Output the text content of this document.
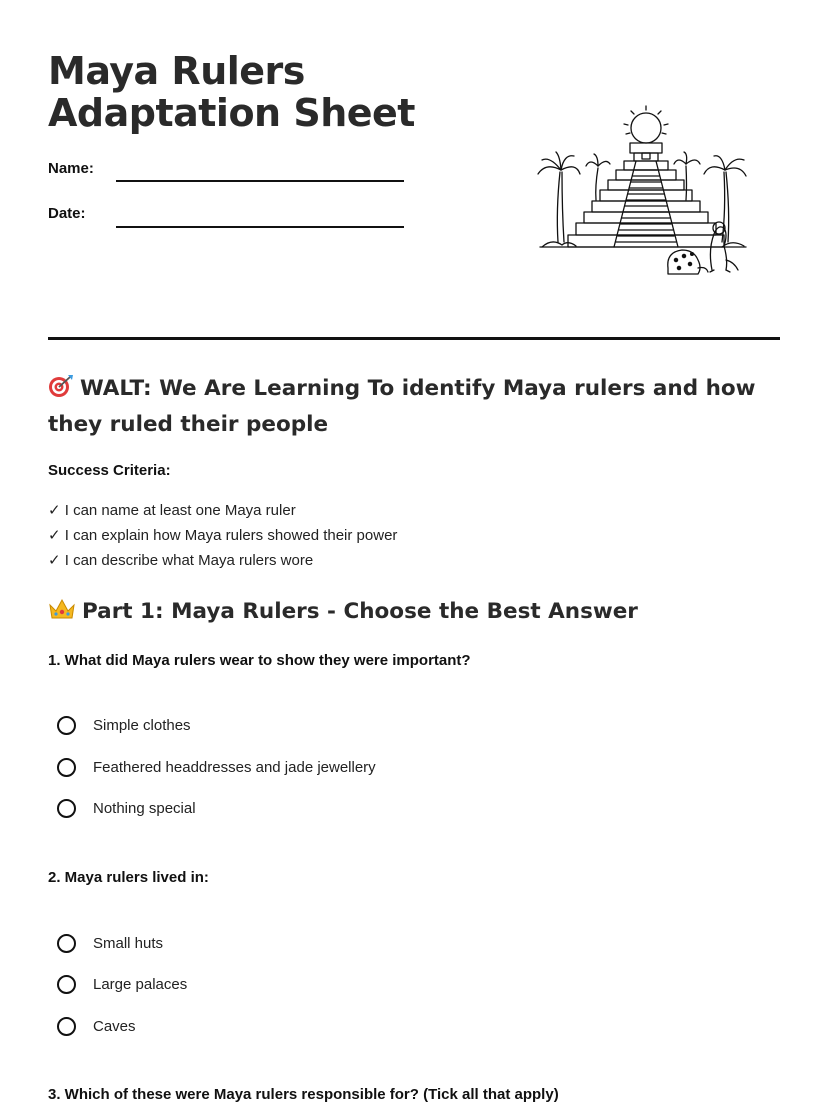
Maya Rulers Adaptation Sheet
Name:
Date:
WALT: We Are Learning To identify Maya rulers and how they ruled their people
Success Criteria:
✓ I can name at least one Maya ruler
✓ I can explain how Maya rulers showed their power
✓ I can describe what Maya rulers wore
Part 1: Maya Rulers - Choose the Best Answer
1. What did Maya rulers wear to show they were important?
Simple clothes
Feathered headdresses and jade jewellery
Nothing special
2. Maya rulers lived in:
Small huts
Large palaces
Caves
3. Which of these were Maya rulers responsible for? (Tick all that apply)
